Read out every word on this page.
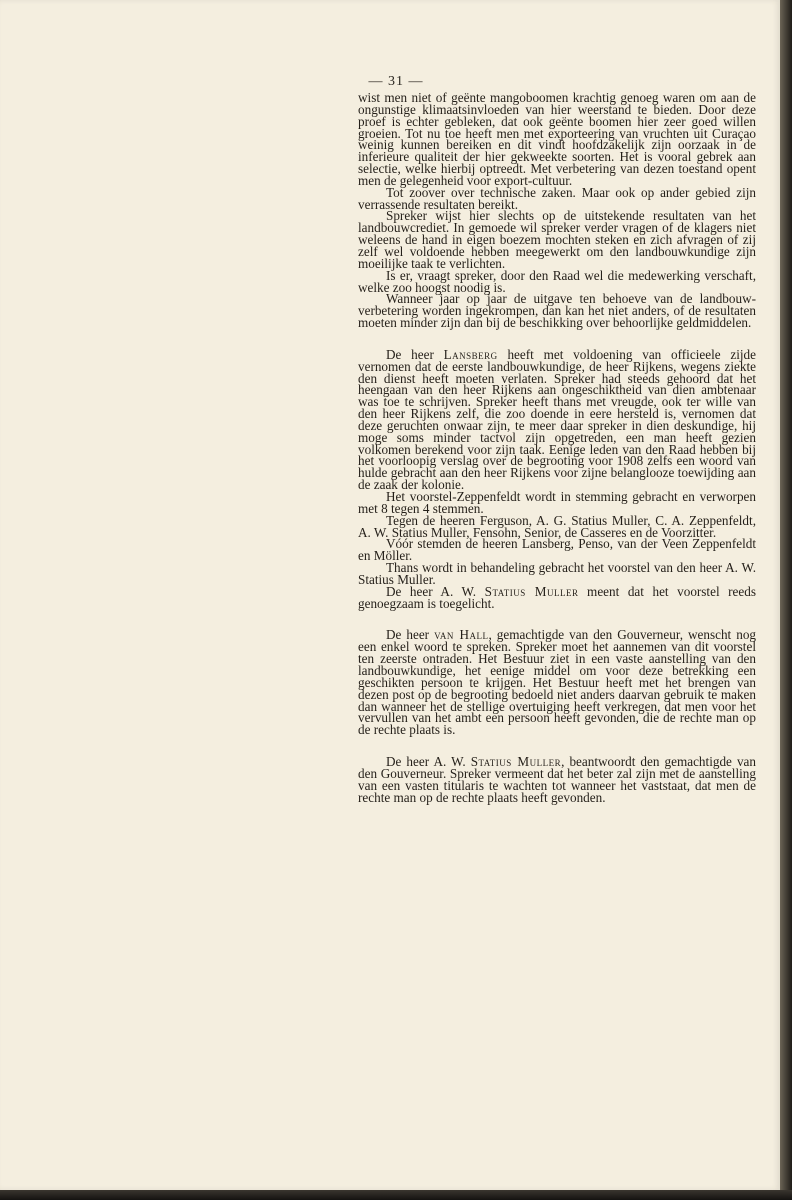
— 31 —

wist men niet of geënte mangoboomen krachtig genoeg waren om aan de ongunstige klimaatsinvloeden van hier weerstand te bieden. Door deze proef is echter gebleken, dat ook geënte boomen hier zeer goed willen groeien. Tot nu toe heeft men met exporteering van vruchten uit Curaçao weinig kunnen bereiken en dit vindt hoofdzakelijk zijn oorzaak in de inferieure qualiteit der hier gekweekte soorten. Het is vooral gebrek aan selectie, welke hierbij optreedt. Met verbetering van dezen toestand opent men de gelegenheid voor export-cultuur.

Tot zoover over technische zaken. Maar ook op ander gebied zijn verrassende resultaten bereikt.

Spreker wijst hier slechts op de uitstekende resultaten van het landbouwcrediet. In gemoede wil spreker verder vragen of de klagers niet weleens de hand in eigen boezem mochten steken en zich afvragen of zij zelf wel voldoende hebben meegewerkt om den landbouwkundige zijn moeilijke taak te verlichten.

Is er, vraagt spreker, door den Raad wel die medewerking verschaft, welke zoo hoogst noodig is.

Wanneer jaar op jaar de uitgave ten behoeve van de landbouw-verbetering worden ingekrompen, dan kan het niet anders, of de resultaten moeten minder zijn dan bij de beschikking over behoorlijke geldmiddelen.

De heer Lansberg heeft met voldoening van officieele zijde vernomen dat de eerste landbouwkundige, de heer Rijkens, wegens ziekte den dienst heeft moeten verlaten. Spreker had steeds gehoord dat het heengaan van den heer Rijkens aan ongeschiktheid van dien ambtenaar was toe te schrijven. Spreker heeft thans met vreugde, ook ter wille van den heer Rijkens zelf, die zoo doende in eere hersteld is, vernomen dat deze geruchten onwaar zijn, te meer daar spreker in dien deskundige, hij moge soms minder tactvol zijn opgetreden, een man heeft gezien volkomen berekend voor zijn taak. Eenige leden van den Raad hebben bij het voorloopig verslag over de begrooting voor 1908 zelfs een woord van hulde gebracht aan den heer Rijkens voor zijne belanglooze toewijding aan de zaak der kolonie.

Het voorstel-Zeppenfeldt wordt in stemming gebracht en verworpen met 8 tegen 4 stemmen.

Tegen de heeren Ferguson, A. G. Statius Muller, C. A. Zeppenfeldt, A. W. Statius Muller, Fensohn, Senior, de Casseres en de Voorzitter.

Vóór stemden de heeren Lansberg, Penso, van der Veen Zeppenfeldt en Möller.

Thans wordt in behandeling gebracht het voorstel van den heer A. W. Statius Muller.

De heer A. W. Statius Muller meent dat het voorstel reeds genoegzaam is toegelicht.

De heer van Hall, gemachtigde van den Gouverneur, wenscht nog een enkel woord te spreken. Spreker moet het aannemen van dit voorstel ten zeerste ontraden. Het Bestuur ziet in een vaste aanstelling van den landbouwkundige, het eenige middel om voor deze betrekking een geschikten persoon te krijgen. Het Bestuur heeft met het brengen van dezen post op de begrooting bedoeld niet anders daarvan gebruik te maken dan wanneer het de stellige overtuiging heeft verkregen, dat men voor het vervullen van het ambt een persoon heeft gevonden, die de rechte man op de rechte plaats is.

De heer A. W. Statius Muller, beantwoordt den gemachtigde van den Gouverneur. Spreker vermeent dat het beter zal zijn met de aanstelling van een vasten titularis te wachten tot wanneer het vaststaat, dat men de rechte man op de rechte plaats heeft gevonden.
